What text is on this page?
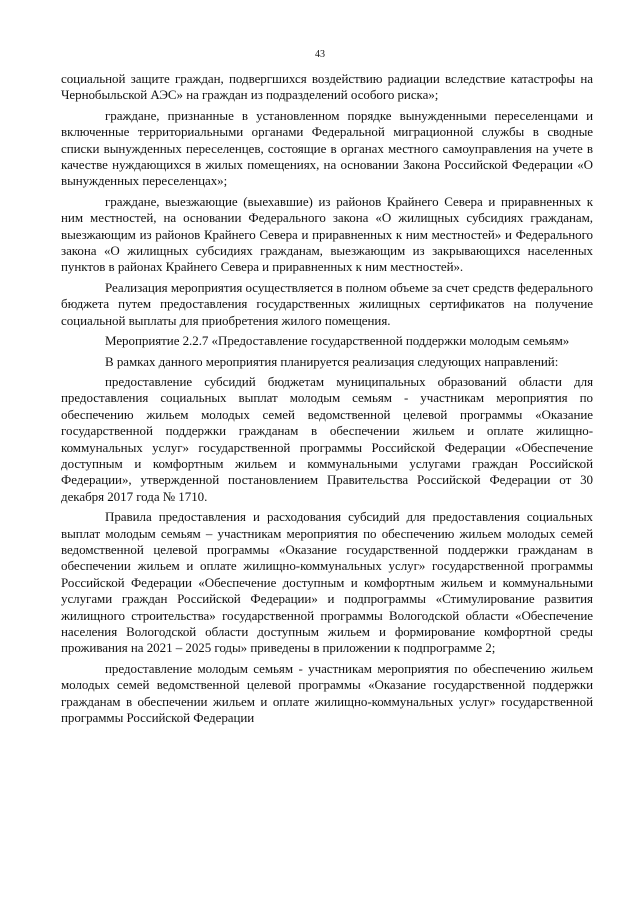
43

социальной защите граждан, подвергшихся воздействию радиации вследствие катастрофы на Чернобыльской АЭС» на граждан из подразделений особого риска»;

граждане, признанные в установленном порядке вынужденными переселенцами и включенные территориальными органами Федеральной миграционной службы в сводные списки вынужденных переселенцев, состоящие в органах местного самоуправления на учете в качестве нуждающихся в жилых помещениях, на основании Закона Российской Федерации «О вынужденных переселенцах»;

граждане, выезжающие (выехавшие) из районов Крайнего Севера и приравненных к ним местностей, на основании Федерального закона «О жилищных субсидиях гражданам, выезжающим из районов Крайнего Севера и приравненных к ним местностей» и Федерального закона «О жилищных субсидиях гражданам, выезжающим из закрывающихся населенных пунктов в районах Крайнего Севера и приравненных к ним местностей».

Реализация мероприятия осуществляется в полном объеме за счет средств федерального бюджета путем предоставления государственных жилищных сертификатов на получение социальной выплаты для приобретения жилого помещения.

Мероприятие 2.2.7 «Предоставление государственной поддержки молодым семьям»

В рамках данного мероприятия планируется реализация следующих направлений:

предоставление субсидий бюджетам муниципальных образований области для предоставления социальных выплат молодым семьям - участникам мероприятия по обеспечению жильем молодых семей ведомственной целевой программы «Оказание государственной поддержки гражданам в обеспечении жильем и оплате жилищно-коммунальных услуг» государственной программы Российской Федерации «Обеспечение доступным и комфортным жильем и коммунальными услугами граждан Российской Федерации», утвержденной постановлением Правительства Российской Федерации от 30 декабря 2017 года № 1710.

Правила предоставления и расходования субсидий для предоставления социальных выплат молодым семьям – участникам мероприятия по обеспечению жильем молодых семей ведомственной целевой программы «Оказание государственной поддержки гражданам в обеспечении жильем и оплате жилищно-коммунальных услуг» государственной программы Российской Федерации «Обеспечение доступным и комфортным жильем и коммунальными услугами граждан Российской Федерации» и подпрограммы «Стимулирование развития жилищного строительства» государственной программы Вологодской области «Обеспечение населения Вологодской области доступным жильем и формирование комфортной среды проживания на 2021 – 2025 годы» приведены в приложении к подпрограмме 2;

предоставление молодым семьям - участникам мероприятия по обеспечению жильем молодых семей ведомственной целевой программы «Оказание государственной поддержки гражданам в обеспечении жильем и оплате жилищно-коммунальных услуг» государственной программы Российской Федерации
